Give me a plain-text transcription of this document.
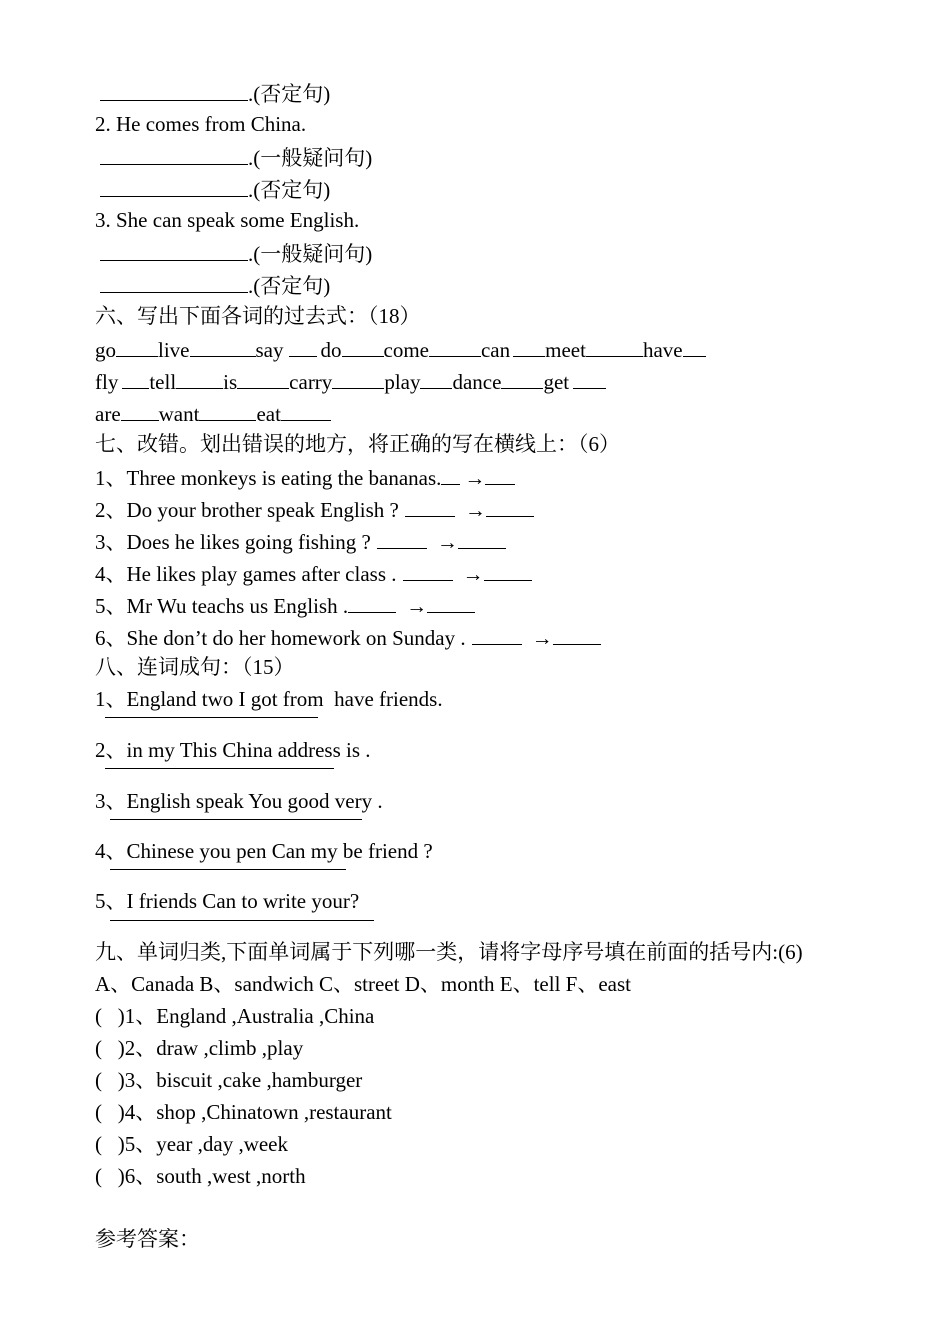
.(否定句)
2. He comes from China.
.(一般疑问句)
.(否定句)
3. She can speak some English.
.(一般疑问句)
.(否定句)
六、写出下面各词的过去式：（18）
go live	say do come can meet	have
fly tell is carry play dance get
are want	eat
七、改错。划出错误的地方，将正确的写在横线上：（6）
1、Three monkeys is eating the bananas. →
2、Do your brother speak English ?	→
3、Does he likes going fishing ?	→
4、He likes play games after class .	→
5、Mr Wu teachs us English .	→
6、She don’t do her homework on Sunday .	→
八、连词成句：（15）
1、England two I got from  have friends.
2、in my This China address is .
3、English speak You good very .
4、Chinese you pen Can my be friend ?
5、I friends Can to write your?
九、单词归类,下面单词属于下列哪一类，请将字母序号填在前面的括号内:(6)
A、Canada B、sandwich C、street D、month E、tell F、east
(   )1、England ,Australia ,China
(   )2、draw ,climb ,play
(   )3、biscuit ,cake ,hamburger
(   )4、shop ,Chinatown ,restaurant
(   )5、year ,day ,week
(   )6、south ,west ,north
参考答案：
